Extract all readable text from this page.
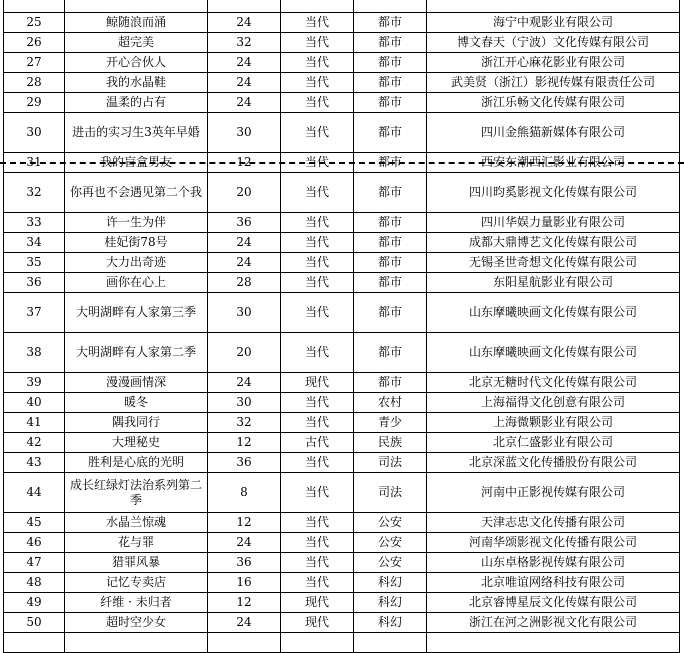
25	鲸随浪而涌	24	当代	都市	海宁中观影业有限公司
26	超完美	32	当代	都市	博文春天（宁波）文化传媒有限公司
27	开心合伙人	24	当代	都市	浙江开心麻花影业有限公司
28	我的水晶鞋	24	当代	都市	武美贤（浙江）影视传媒有限责任公司
29	温柔的占有	24	当代	都市	浙江乐畅文化传媒有限公司
30	进击的实习生3英年早婚	30	当代	都市	四川金熊猫新媒体有限公司
31	我的盲盒男友	12	当代	都市	西安东潮西汇影业有限公司
32	你再也不会遇见第二个我	20	当代	都市	四川昀奚影视文化传媒有限公司
33	许一生为伴	36	当代	都市	四川华娱力量影业有限公司
34	桂妃街78号	24	当代	都市	成都大鼎博艺文化传媒有限公司
35	大力出奇迹	24	当代	都市	无锡圣世奇想文化传媒有限公司
36	画你在心上	28	当代	都市	东阳星航影业有限公司
37	大明湖畔有人家第三季	30	当代	都市	山东摩曦映画文化传媒有限公司
38	大明湖畔有人家第二季	20	当代	都市	山东摩曦映画文化传媒有限公司
39	漫漫画情深	24	现代	都市	北京无糖时代文化传媒有限公司
40	暖冬	30	当代	农村	上海福得文化创意有限公司
41	隅我同行	32	当代	青少	上海微颗影业有限公司
42	大理秘史	12	古代	民族	北京仁盛影业有限公司
43	胜利是心底的光明	36	当代	司法	北京深蓝文化传播股份有限公司
44	成长红绿灯法治系列第二季	8	当代	司法	河南中正影视传媒有限公司
45	水晶兰惊魂	12	当代	公安	天津志忠文化传播有限公司
46	花与罪	24	当代	公安	河南华颂影视文化传播有限公司
47	猎罪风暴	36	当代	公安	山东卓格影视传媒有限公司
48	记忆专卖店	16	当代	科幻	北京唯谊网络科技有限公司
49	纤维 · 未归者	12	现代	科幻	北京睿博星辰文化传媒有限公司
50	超时空少女	24	现代	科幻	浙江在河之洲影视文化有限公司
